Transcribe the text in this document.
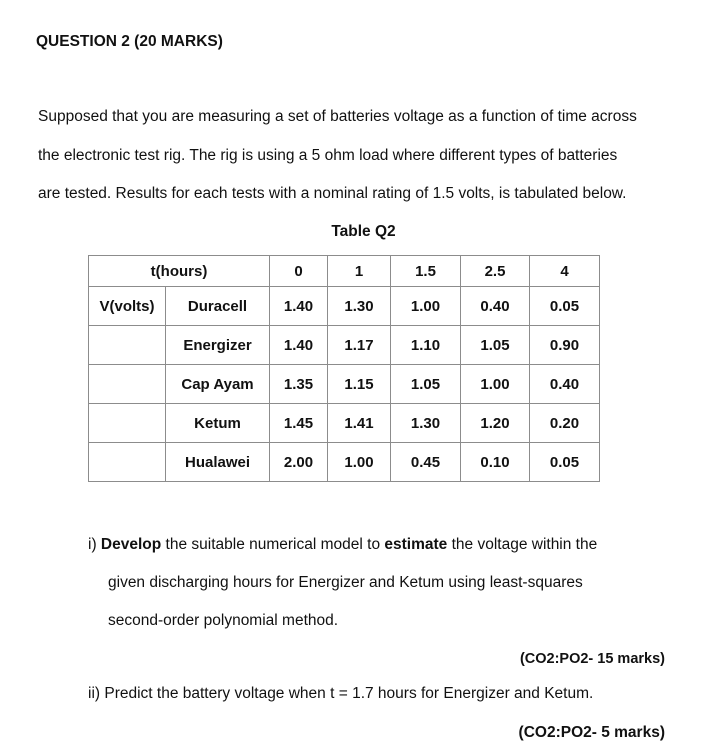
QUESTION 2 (20 MARKS)
Supposed that you are measuring a set of batteries voltage as a function of time across
the electronic test rig. The rig is using a 5 ohm load where different types of batteries
are tested. Results for each tests with a nominal rating of 1.5 volts, is tabulated below.
Table Q2
t(hours)		0	1	1.5	2.5	4
V(volts)	Duracell	1.40	1.30	1.00	0.40	0.05
	Energizer	1.40	1.17	1.10	1.05	0.90
	Cap Ayam	1.35	1.15	1.05	1.00	0.40
	Ketum	1.45	1.41	1.30	1.20	0.20
	Hualawei	2.00	1.00	0.45	0.10	0.05
i) Develop the suitable numerical model to estimate the voltage within the
given discharging hours for Energizer and Ketum using least-squares
second-order polynomial method.
(CO2:PO2- 15 marks)
ii) Predict the battery voltage when t = 1.7 hours for Energizer and Ketum.
(CO2:PO2- 5 marks)
